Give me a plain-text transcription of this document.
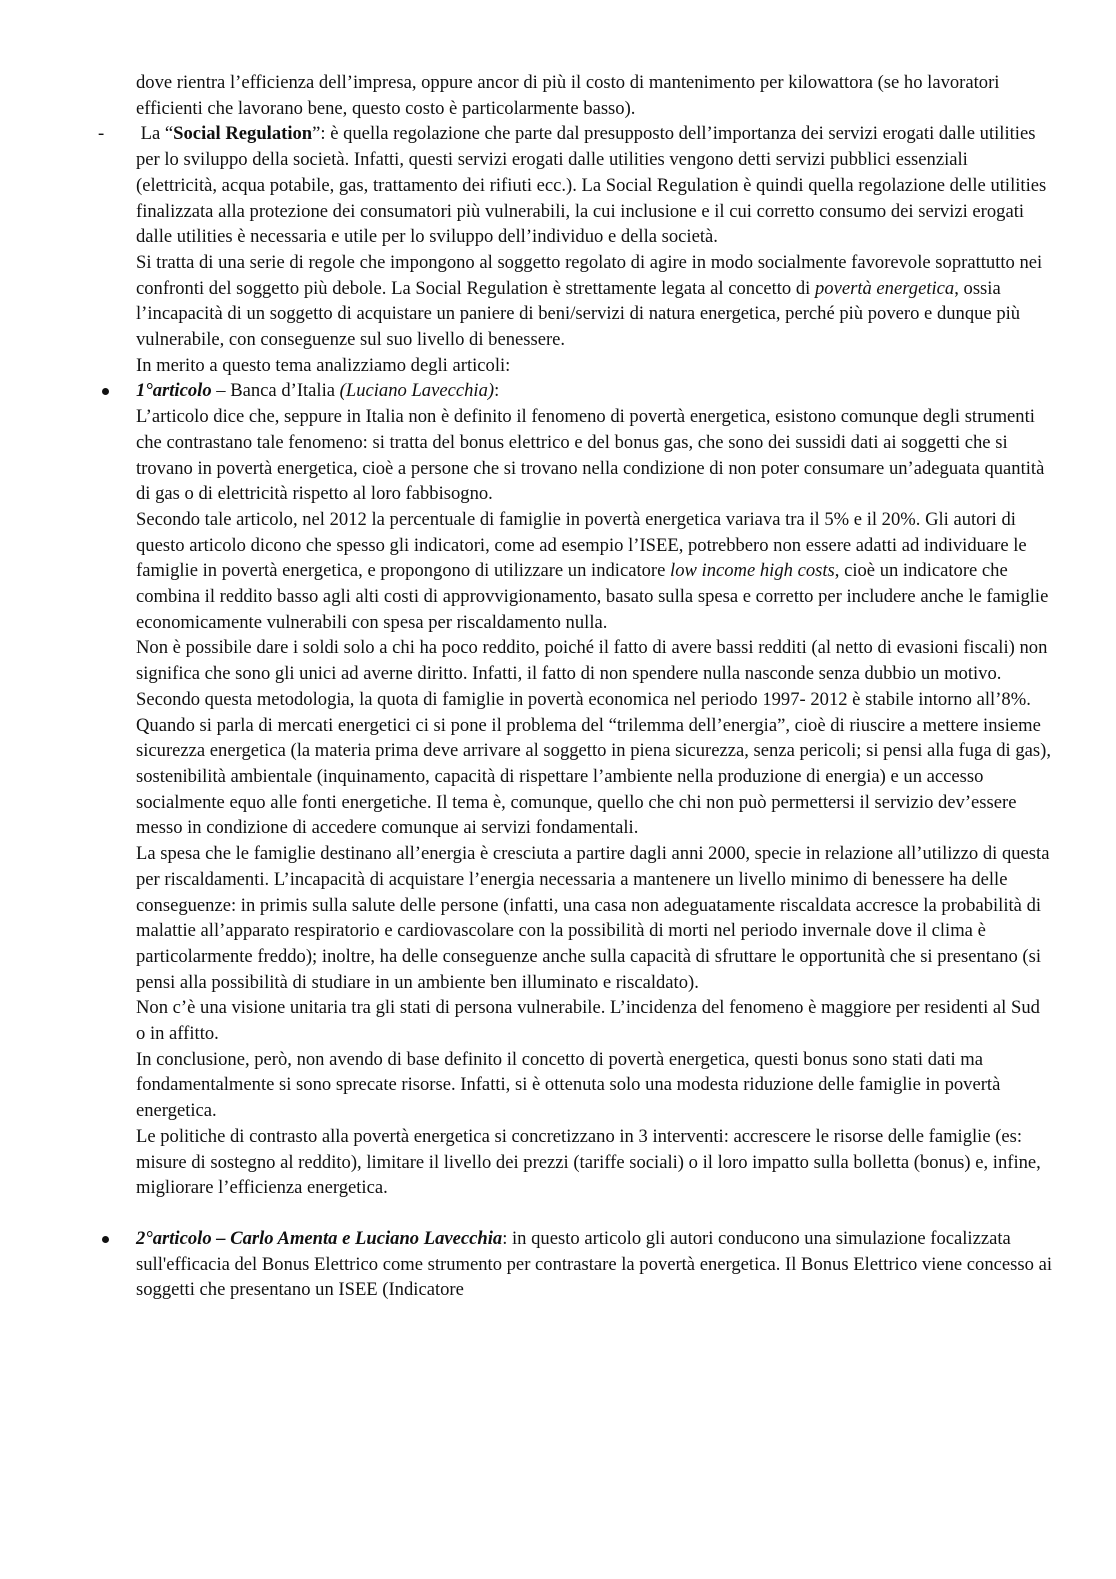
dove rientra l’efficienza dell’impresa, oppure ancor di più il costo di mantenimento per kilowattora (se ho lavoratori efficienti che lavorano bene, questo costo è particolarmente basso).

-	La “Social Regulation”: è quella regolazione che parte dal presupposto dell’importanza dei servizi erogati dalle utilities per lo sviluppo della società. Infatti, questi servizi erogati dalle utilities vengono detti servizi pubblici essenziali (elettricità, acqua potabile, gas, trattamento dei rifiuti ecc.). La Social Regulation è quindi quella regolazione delle utilities finalizzata alla protezione dei consumatori più vulnerabili, la cui inclusione e il cui corretto consumo dei servizi erogati dalle utilities è necessaria e utile per lo sviluppo dell’individuo e della società.

Si tratta di una serie di regole che impongono al soggetto regolato di agire in modo socialmente favorevole soprattutto nei confronti del soggetto più debole. La Social Regulation è strettamente legata al concetto di povertà energetica, ossia l’incapacità di un soggetto di acquistare un paniere di beni/servizi di natura energetica, perché più povero e dunque più vulnerabile, con conseguenze sul suo livello di benessere.

In merito a questo tema analizziamo degli articoli:

1°articolo – Banca d’Italia (Luciano Lavecchia):

L’articolo dice che, seppure in Italia non è definito il fenomeno di povertà energetica, esistono comunque degli strumenti che contrastano tale fenomeno: si tratta del bonus elettrico e del bonus gas, che sono dei sussidi dati ai soggetti che si trovano in povertà energetica, cioè a persone che si trovano nella condizione di non poter consumare un’adeguata quantità di gas o di elettricità rispetto al loro fabbisogno.

Secondo tale articolo, nel 2012 la percentuale di famiglie in povertà energetica variava tra il 5% e il 20%. Gli autori di questo articolo dicono che spesso gli indicatori, come ad esempio l’ISEE, potrebbero non essere adatti ad individuare le famiglie in povertà energetica, e propongono di utilizzare un indicatore low income high costs, cioè un indicatore che combina il reddito basso agli alti costi di approvvigionamento, basato sulla spesa e corretto per includere anche le famiglie economicamente vulnerabili con spesa per riscaldamento nulla.

Non è possibile dare i soldi solo a chi ha poco reddito, poiché il fatto di avere bassi redditi (al netto di evasioni fiscali) non significa che sono gli unici ad averne diritto. Infatti, il fatto di non spendere nulla nasconde senza dubbio un motivo. Secondo questa metodologia, la quota di famiglie in povertà economica nel periodo 1997- 2012 è stabile intorno all’8%. Quando si parla di mercati energetici ci si pone il problema del “trilemma dell’energia”, cioè di riuscire a mettere insieme sicurezza energetica (la materia prima deve arrivare al soggetto in piena sicurezza, senza pericoli; si pensi alla fuga di gas), sostenibilità ambientale (inquinamento, capacità di rispettare l’ambiente nella produzione di energia) e un accesso socialmente equo alle fonti energetiche. Il tema è, comunque, quello che chi non può permettersi il servizio dev’essere messo in condizione di accedere comunque ai servizi fondamentali.

La spesa che le famiglie destinano all’energia è cresciuta a partire dagli anni 2000, specie in relazione all’utilizzo di questa per riscaldamenti. L’incapacità di acquistare l’energia necessaria a mantenere un livello minimo di benessere ha delle conseguenze: in primis sulla salute delle persone (infatti, una casa non adeguatamente riscaldata accresce la probabilità di malattie all’apparato respiratorio e cardiovascolare con la possibilità di morti nel periodo invernale dove il clima è particolarmente freddo); inoltre, ha delle conseguenze anche sulla capacità di sfruttare le opportunità che si presentano (si pensi alla possibilità di studiare in un ambiente ben illuminato e riscaldato).

Non c’è una visione unitaria tra gli stati di persona vulnerabile. L’incidenza del fenomeno è maggiore per residenti al Sud o in affitto.

In conclusione, però, non avendo di base definito il concetto di povertà energetica, questi bonus sono stati dati ma fondamentalmente si sono sprecate risorse. Infatti, si è ottenuta solo una modesta riduzione delle famiglie in povertà energetica.

Le politiche di contrasto alla povertà energetica si concretizzano in 3 interventi: accrescere le risorse delle famiglie (es: misure di sostegno al reddito), limitare il livello dei prezzi (tariffe sociali) o il loro impatto sulla bolletta (bonus) e, infine, migliorare l’efficienza energetica.

2°articolo – Carlo Amenta e Luciano Lavecchia: in questo articolo gli autori conducono una simulazione focalizzata sull'efficacia del Bonus Elettrico come strumento per contrastare la povertà energetica. Il Bonus Elettrico viene concesso ai soggetti che presentano un ISEE (Indicatore
